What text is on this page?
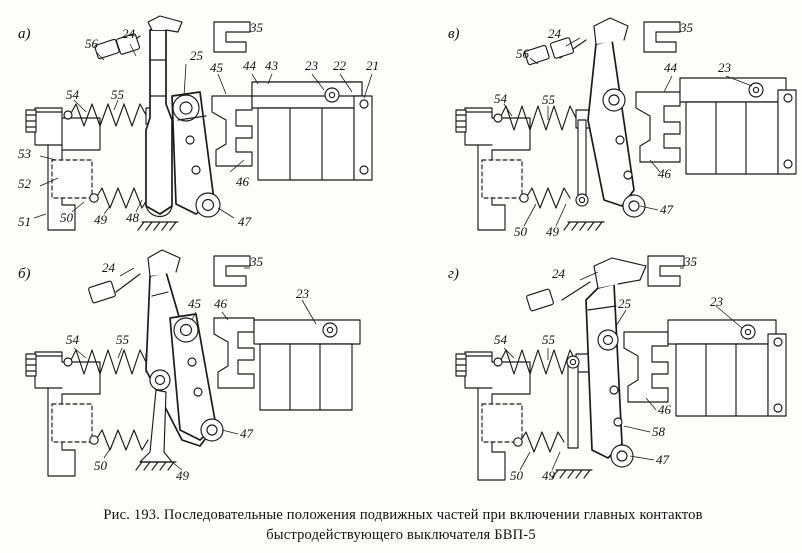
а)
56
24	35
25
45 44 43 23 22 21
54 55
53
52	46
51 50 49 48	47
в)	24	35
56
44	23
54	55
46
47
50 49
б)	24	35
45 46
23
54	55
47
50
49
г)	24
35
25	23
54	55
46
58
47
50 49
Рис. 193. Последовательные положения подвижных частей при включении главных контактов
быстродействующего выключателя БВП-5
